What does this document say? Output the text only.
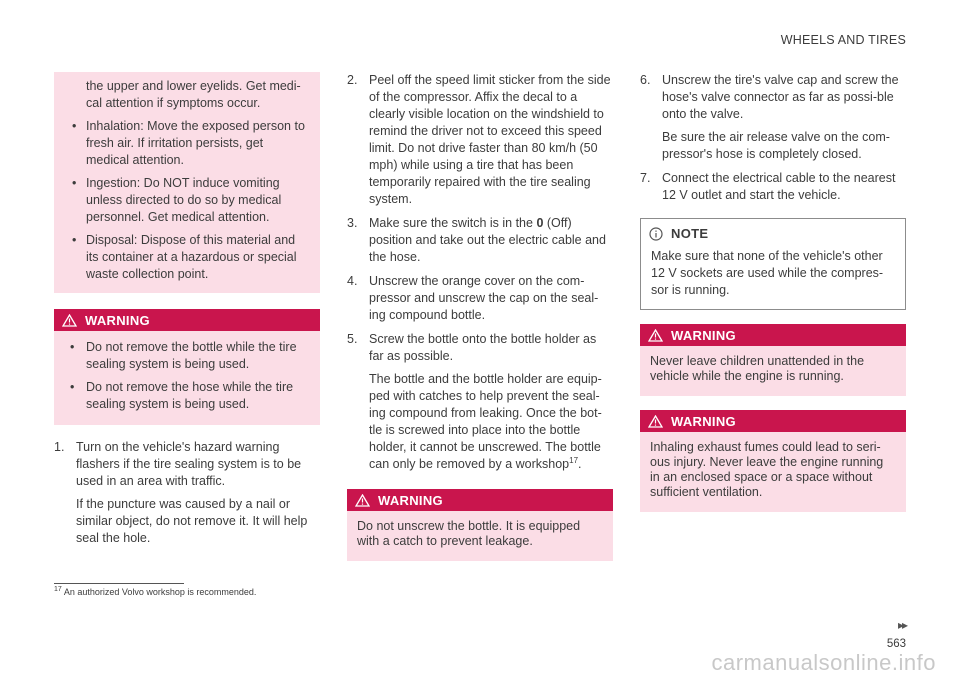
WHEELS AND TIRES
the upper and lower eyelids. Get medi-cal attention if symptoms occur.
• Inhalation: Move the exposed person to fresh air. If irritation persists, get medical attention.
• Ingestion: Do NOT induce vomiting unless directed to do so by medical personnel. Get medical attention.
• Disposal: Dispose of this material and its container at a hazardous or special waste collection point.
WARNING
• Do not remove the bottle while the tire sealing system is being used.
• Do not remove the hose while the tire sealing system is being used.
1. Turn on the vehicle's hazard warning flashers if the tire sealing system is to be used in an area with traffic.

If the puncture was caused by a nail or similar object, do not remove it. It will help seal the hole.

2. Peel off the speed limit sticker from the side of the compressor. Affix the decal to a clearly visible location on the windshield to remind the driver not to exceed this speed limit. Do not drive faster than 80 km/h (50 mph) while using a tire that has been temporarily repaired with the tire sealing system.

3. Make sure the switch is in the 0 (Off) position and take out the electric cable and the hose.

4. Unscrew the orange cover on the com-pressor and unscrew the cap on the seal-ing compound bottle.

5. Screw the bottle onto the bottle holder as far as possible.

The bottle and the bottle holder are equip-ped with catches to help prevent the seal-ing compound from leaking. Once the bot-tle is screwed into place into the bottle holder, it cannot be unscrewed. The bottle can only be removed by a workshop$^{17}$.

WARNING
Do not unscrew the bottle. It is equipped with a catch to prevent leakage.
6. Unscrew the tire's valve cap and screw the hose's valve connector as far as possi-ble onto the valve.

Be sure the air release valve on the com-pressor's hose is completely closed.

7. Connect the electrical cable to the nearest 12 V outlet and start the vehicle.

NOTE
Make sure that none of the vehicle's other 12 V sockets are used while the compres-sor is running.
WARNING
Never leave children unattended in the vehicle while the engine is running.
WARNING
Inhaling exhaust fumes could lead to seri-ous injury. Never leave the engine running in an enclosed space or a space without sufficient ventilation.
$^{17}$ An authorized Volvo workshop is recommended.
▸▸
563
carmanualsonline.info
